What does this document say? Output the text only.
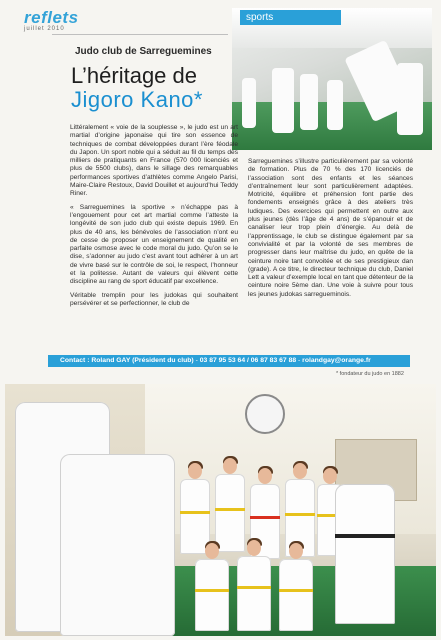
reflets
juillet 2010
sports
Judo club de Sarreguemines
L’héritage de
Jigoro Kano*

Littéralement « voie de la souplesse », le judo est un art martial d’origine japonaise qui tire son essence de techniques de combat développées durant l’ère féodale du Japon. Un sport noble qui a séduit au fil du temps des milliers de pratiquants en France (570 000 licenciés et plus de 5500 clubs), dans le sillage des remarquables performances sportives d’athlètes comme Angelo Parisi, Maire-Claire Restoux, David Douillet et aujourd’hui Teddy Riner.

« Sarreguemines la sportive » n’échappe pas à l’engouement pour cet art martial comme l’atteste la longévité de son judo club qui existe depuis 1969. En plus de 40 ans, les bénévoles de l’association n’ont eu de cesse de proposer un enseignement de qualité en parfaite osmose avec le code moral du judo. Qu’on se le dise, s’adonner au judo c’est avant tout adhérer à un art de vivre basé sur le contrôle de soi, le respect, l’honneur et la politesse. Autant de valeurs qui élèvent cette discipline au rang de sport éducatif par excellence.

Véritable tremplin pour les judokas qui souhaitent persévérer et se perfectionner, le club de

Sarreguemines s’illustre particulièrement par sa volonté de formation. Plus de 70 % des 170 licenciés de l’association sont des enfants et les séances d’entraînement leur sont particulièrement adaptées. Motricité, équilibre et préhension font partie des fondements enseignés grâce à des ateliers très ludiques. Des exercices qui permettent en outre aux plus jeunes (dès l’âge de 4 ans) de s’épanouir et de canaliser leur trop plein d’énergie. Au delà de l’apprentissage, le club se distingue également par sa convivialité et par la volonté de ses membres de progresser dans leur maîtrise du judo, en quête de la ceinture noire tant convoitée et de ses prestigieux dan (grade). A ce titre, le directeur technique du club, Daniel Lett a valeur d’exemple local en tant que détenteur de la ceinture noire 5ème dan. Une voie à suivre pour tous les jeunes judokas sarregueminois.

Contact : Roland GAY (Président du club) - 03 87 95 53 64 / 06 87 83 67 88 - rolandgay@orange.fr
* fondateur du judo en 1882
